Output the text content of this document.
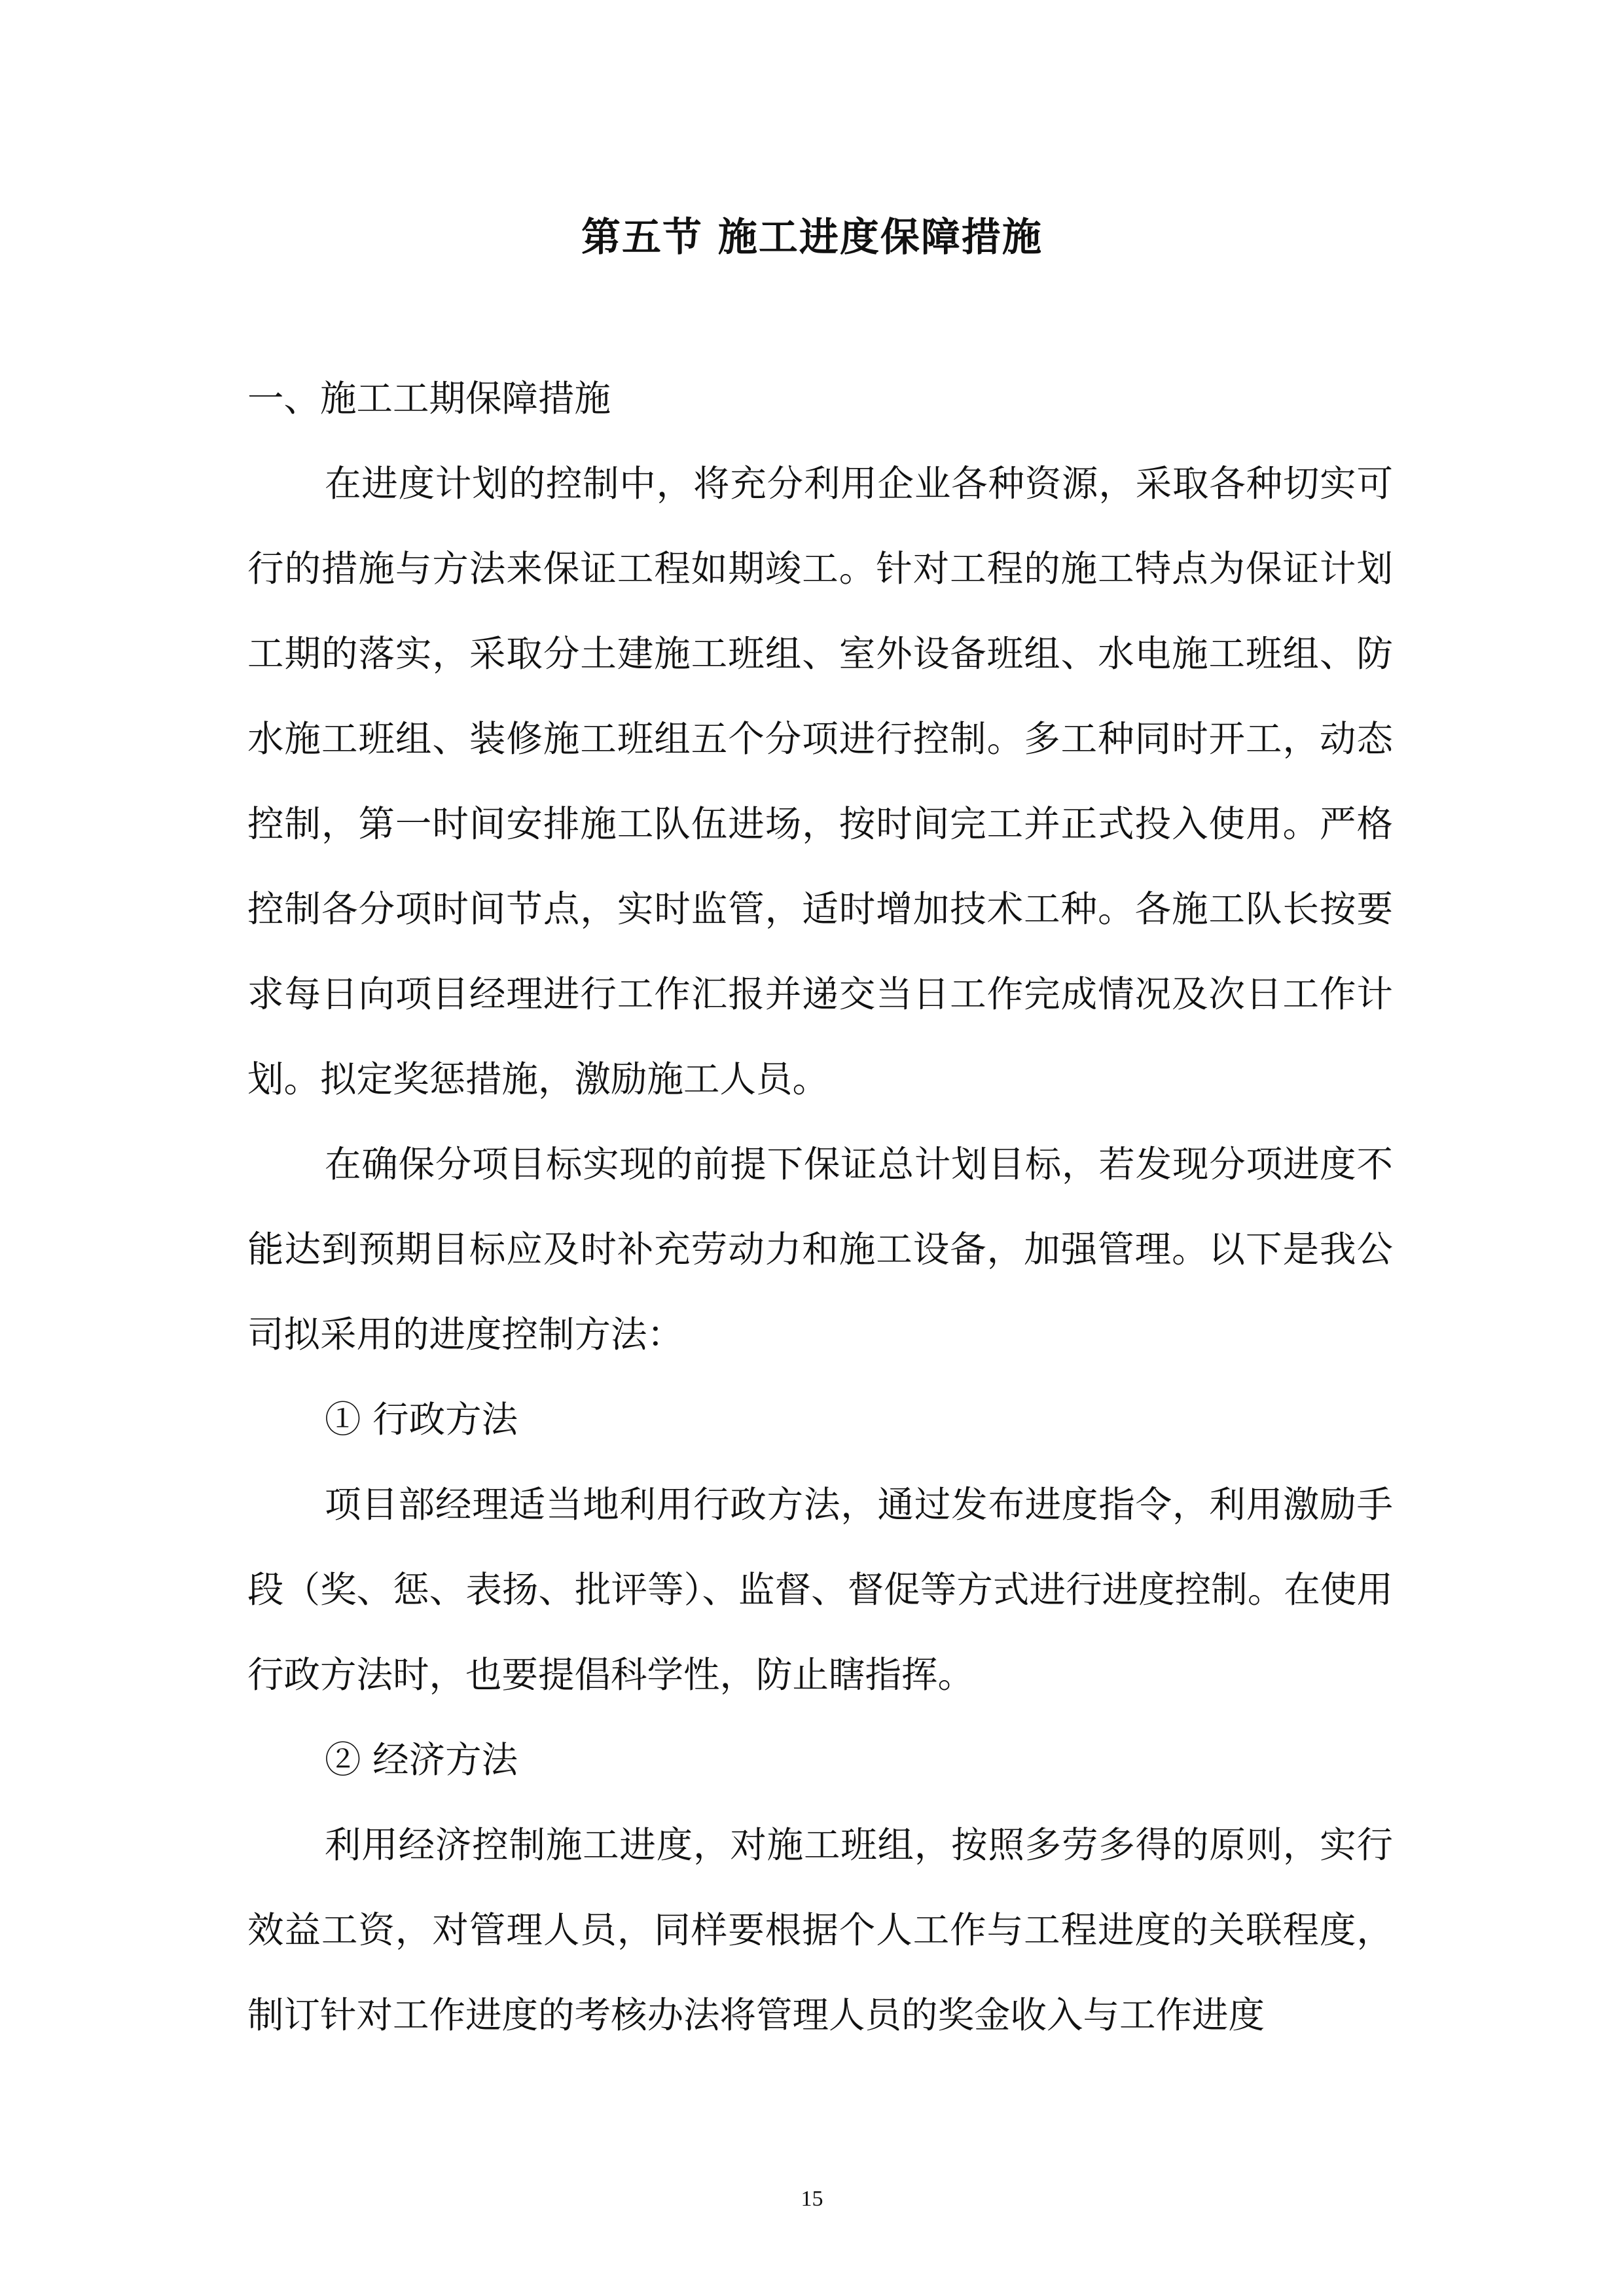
第五节 施工进度保障措施

一、施工工期保障措施

在进度计划的控制中，将充分利用企业各种资源，采取各种切实可行的措施与方法来保证工程如期竣工。针对工程的施工特点为保证计划工期的落实，采取分土建施工班组、室外设备班组、水电施工班组、防水施工班组、装修施工班组五个分项进行控制。多工种同时开工，动态控制，第一时间安排施工队伍进场，按时间完工并正式投入使用。严格控制各分项时间节点，实时监管，适时增加技术工种。各施工队长按要求每日向项目经理进行工作汇报并递交当日工作完成情况及次日工作计划。拟定奖惩措施，激励施工人员。

在确保分项目标实现的前提下保证总计划目标，若发现分项进度不能达到预期目标应及时补充劳动力和施工设备，加强管理。以下是我公司拟采用的进度控制方法：

① 行政方法

项目部经理适当地利用行政方法，通过发布进度指令，利用激励手段（奖、惩、表扬、批评等）、监督、督促等方式进行进度控制。在使用行政方法时，也要提倡科学性，防止瞎指挥。

② 经济方法

利用经济控制施工进度，对施工班组，按照多劳多得的原则，实行效益工资，对管理人员，同样要根据个人工作与工程进度的关联程度，制订针对工作进度的考核办法将管理人员的奖金收入与工作进度

15
